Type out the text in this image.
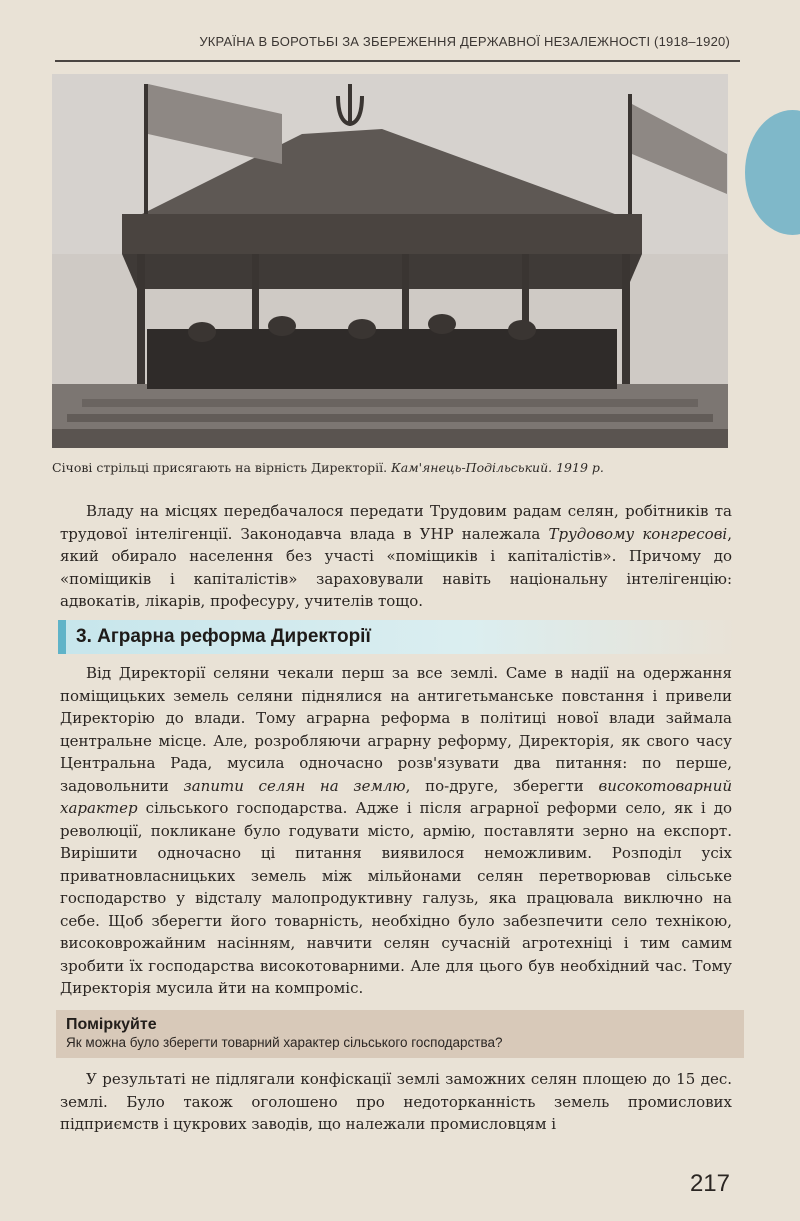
УКРАЇНА В БОРОТЬБІ ЗА ЗБЕРЕЖЕННЯ ДЕРЖАВНОЇ НЕЗАЛЕЖНОСТІ (1918–1920)
Січові стрільці присягають на вірність Директорії. Кам'янець-Подільський. 1919 р.

Владу на місцях передбачалося передати Трудовим радам селян, робітників та трудової інтелігенції. Законодавча влада в УНР належала Трудовому конгресові, який обирало населення без участі «поміщиків і капіталістів». Причому до «поміщиків і капіталістів» зараховували навіть національну інтелігенцію: адвокатів, лікарів, професуру, учителів тощо.

3. Аграрна реформа Директорії

Від Директорії селяни чекали перш за все землі. Саме в надії на одержання поміщицьких земель селяни піднялися на антигетьманське повстання і привели Директорію до влади. Тому аграрна реформа в політиці нової влади займала центральне місце. Але, розробляючи аграрну реформу, Директорія, як свого часу Центральна Рада, мусила одночасно розв'язувати два питання: по перше, задовольнити запити селян на землю, по-друге, зберегти високотоварний характер сільського господарства. Адже і після аграрної реформи село, як і до революції, покликане було годувати місто, армію, поставляти зерно на експорт. Вирішити одночасно ці питання виявилося неможливим. Розподіл усіх приватновласницьких земель між мільйонами селян перетворював сільське господарство у відсталу малопродуктивну галузь, яка працювала виключно на себе. Щоб зберегти його товарність, необхідно було забезпечити село технікою, високоврожайним насінням, навчити селян сучасній агротехніці і тим самим зробити їх господарства високотоварними. Але для цього був необхідний час. Тому Директорія мусила йти на компроміс.

Поміркуйте
Як можна було зберегти товарний характер сільського господарства?

У результаті не підлягали конфіскації землі заможних селян площею до 15 дес. землі. Було також оголошено про недоторканність земель промислових підприємств і цукрових заводів, що належали промисловцям і

217
